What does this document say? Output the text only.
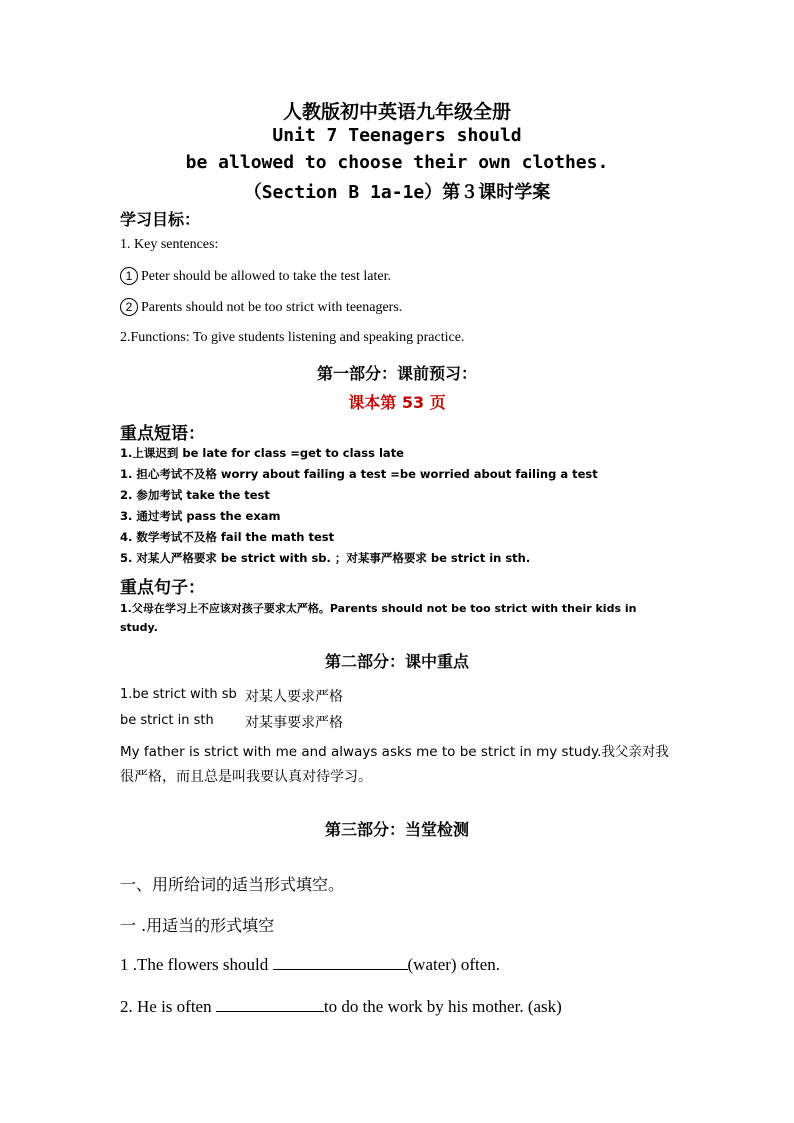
人教版初中英语九年级全册
Unit 7 Teenagers should
be allowed to choose their own clothes.
（Section B 1a-1e）第３课时学案
学习目标：
1. Key sentences:
1 Peter should be allowed to take the test later.
2 Parents should not be too strict with teenagers.
2.Functions: To give students listening and speaking practice.
第一部分：课前预习：
课本第 53 页
重点短语：
1.上课迟到 be late for class =get to class late
1. 担心考试不及格 worry about failing a test =be worried about failing a test
2. 参加考试 take the test
3. 通过考试 pass the exam
4. 数学考试不及格 fail the math test
5. 对某人严格要求 be strict with sb. ；对某事严格要求 be strict in sth.
重点句子：
1.父母在学习上不应该对孩子要求太严格。Parents should not be too strict with their kids in
study.
第二部分：课中重点
1.be strict with sb 对某人要求严格
be strict in sth 对某事要求严格
My father is strict with me and always asks me to be strict in my study.我父亲对我
很严格，而且总是叫我要认真对待学习。
第三部分：当堂检测
一、用所给词的适当形式填空。
一 .用适当的形式填空
1 .The flowers should	(water) often.
2. He is often	to do the work by his mother. (ask)
